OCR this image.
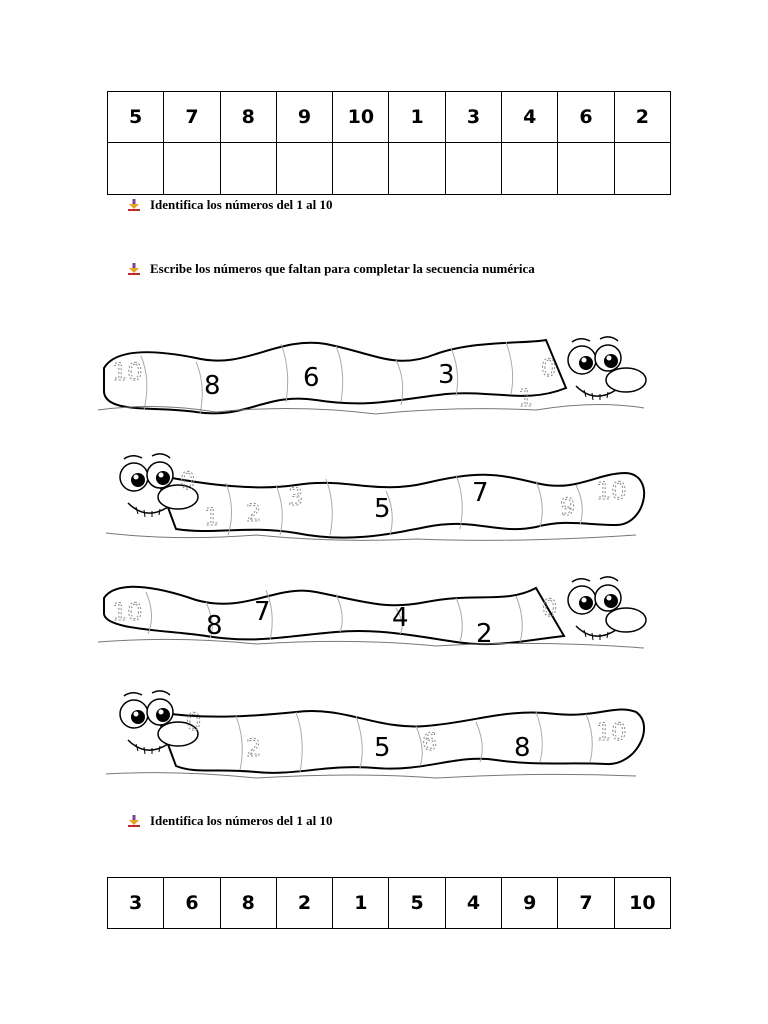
5	7	8	9	10	1	3	4	6	2

Identifica los números del 1 al 10
Escribe los números que faltan para completar la secuencia numérica
10 8	6	3	0
1
0
1 2
3	5
7	9
10
10 8 7	4
2
0
0
2	5 6	8
10
Identifica los números del 1 al 10
3	6	8	2	1	5	4	9	7	10
